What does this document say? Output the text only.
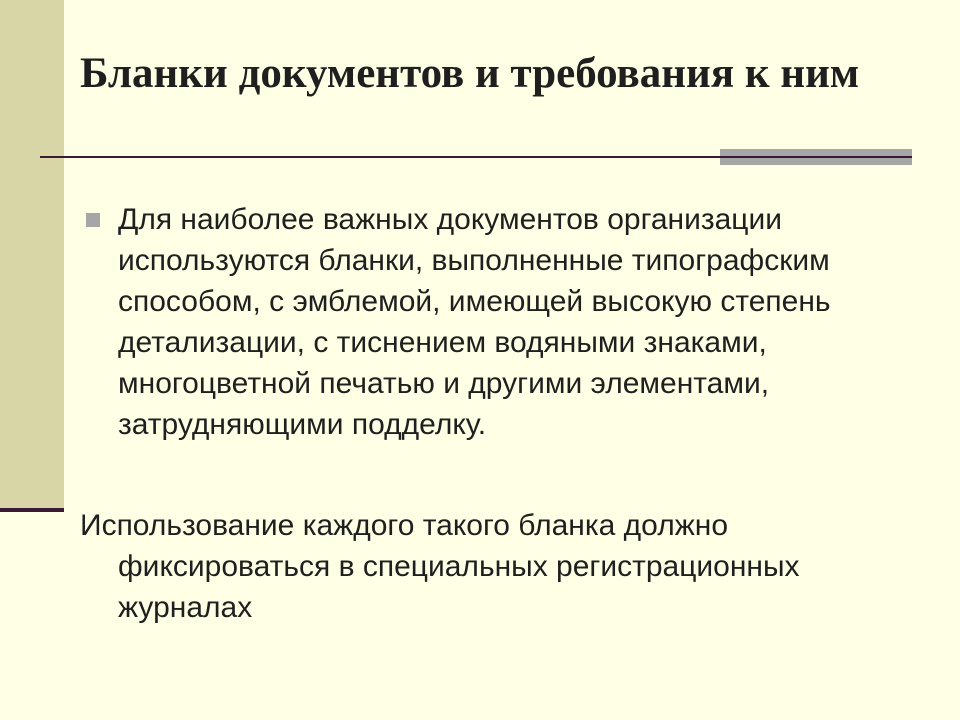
Бланки документов и требования к ним
Для наиболее важных документов организации используются бланки, выполненные типографским способом, с эмблемой, имеющей высокую степень детализации, с тиснением водяными знаками, многоцветной печатью и другими элементами, затрудняющими подделку.
Использование каждого такого бланка должно фиксироваться в специальных регистрационных журналах
